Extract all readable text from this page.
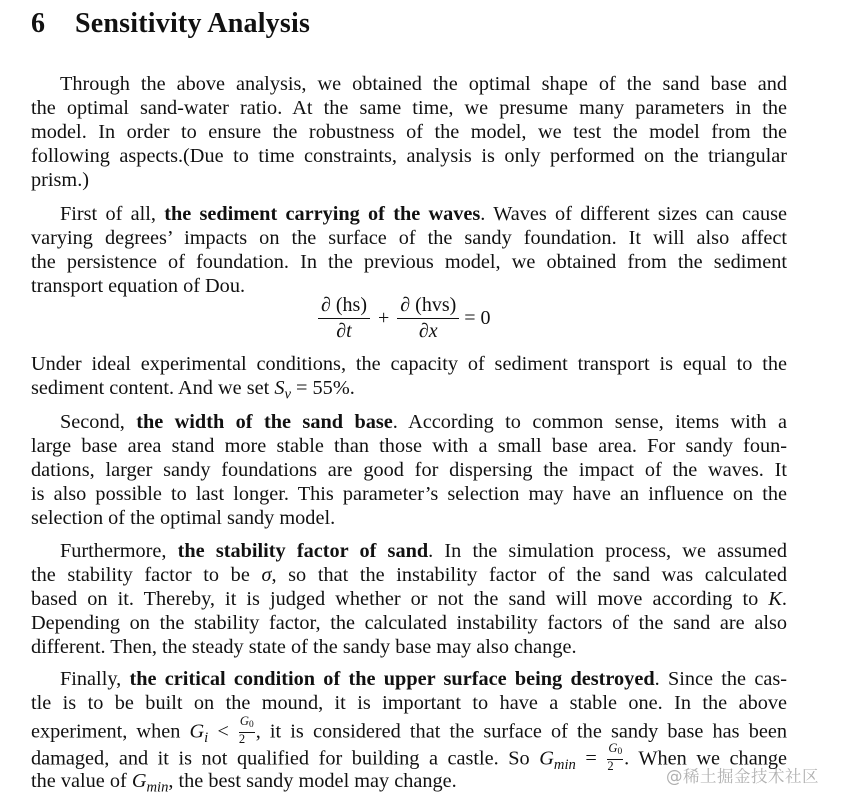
6 Sensitivity Analysis
Through the above analysis, we obtained the optimal shape of the sand base and
the optimal sand-water ratio. At the same time, we presume many parameters in the
model. In order to ensure the robustness of the model, we test the model from the
following aspects.(Due to time constraints, analysis is only performed on the triangular
prism.)
First of all, the sediment carrying of the waves. Waves of different sizes can cause
varying degrees’ impacts on the surface of the sandy foundation. It will also affect
the persistence of foundation. In the previous model, we obtained from the sediment
transport equation of Dou.
$\frac{\partial (hs)}{\partial t} + \frac{\text{∂ (hvs)}}{\partial x} = 0$
Under ideal experimental conditions, the capacity of sediment transport is equal to the
sediment content. And we set $S_v = 55\%$.
Second, the width of the sand base. According to common sense, items with a
large base area stand more stable than those with a small base area. For sandy foun-
dations, larger sandy foundations are good for dispersing the impact of the waves. It
is also possible to last longer. This parameter’s selection may have an influence on the
selection of the optimal sandy model.
Furthermore, the stability factor of sand. In the simulation process, we assumed
the stability factor to be σ, so that the instability factor of the sand was calculated
based on it. Thereby, it is judged whether or not the sand will move according to K.
Depending on the stability factor, the calculated instability factors of the sand are also
different. Then, the steady state of the sandy base may also change.
Finally, the critical condition of the upper surface being destroyed. Since the cas-
tle is to be built on the mound, it is important to have a stable one. In the above
experiment, when $G_i < \frac{G0}{2}$ , it is considered that the surface of the sandy base has been
damaged, and it is not qualified for building a castle. So $G_{min} = \frac{G0}{2}$ . When we change
the value of $G_{min}$, the best sandy model may change.	@稀土掘金技术社区
